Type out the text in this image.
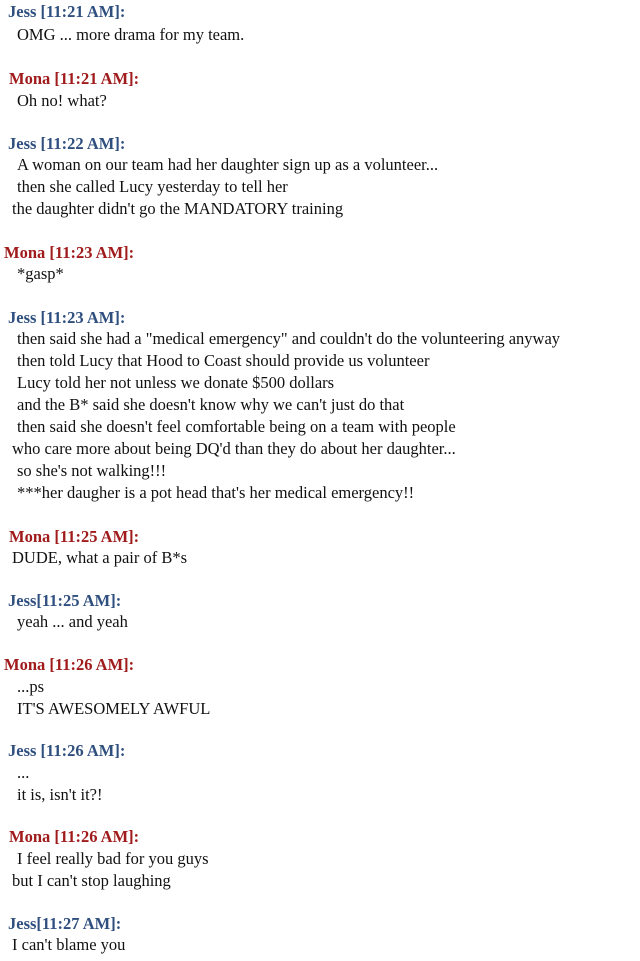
Jess [11:21 AM]:
OMG ... more drama for my team.
Mona [11:21 AM]:
Oh no! what?
Jess [11:22 AM]:
A woman on our team had her daughter sign up as a volunteer...
then she called Lucy yesterday to tell her
the daughter didn't go the MANDATORY training
Mona [11:23 AM]:
*gasp*
Jess [11:23 AM]:
then said she had a "medical emergency" and couldn't do the volunteering anyway
then told Lucy that Hood to Coast should provide us volunteer
Lucy told her not unless we donate $500 dollars
and the B* said she doesn't know why we can't just do that
then said she doesn't feel comfortable being on a team with people
who care more about being DQ'd than they do about her daughter...
so she's not walking!!!
***her daugher is a pot head that's her medical emergency!!
Mona [11:25 AM]:
DUDE, what a pair of B*s
Jess[11:25 AM]:
yeah ... and yeah
Mona [11:26 AM]:
...ps
IT'S AWESOMELY AWFUL
Jess [11:26 AM]:
...
it is, isn't it?!
Mona [11:26 AM]:
I feel really bad for you guys
but I can't stop laughing
Jess[11:27 AM]:
I can't blame you
